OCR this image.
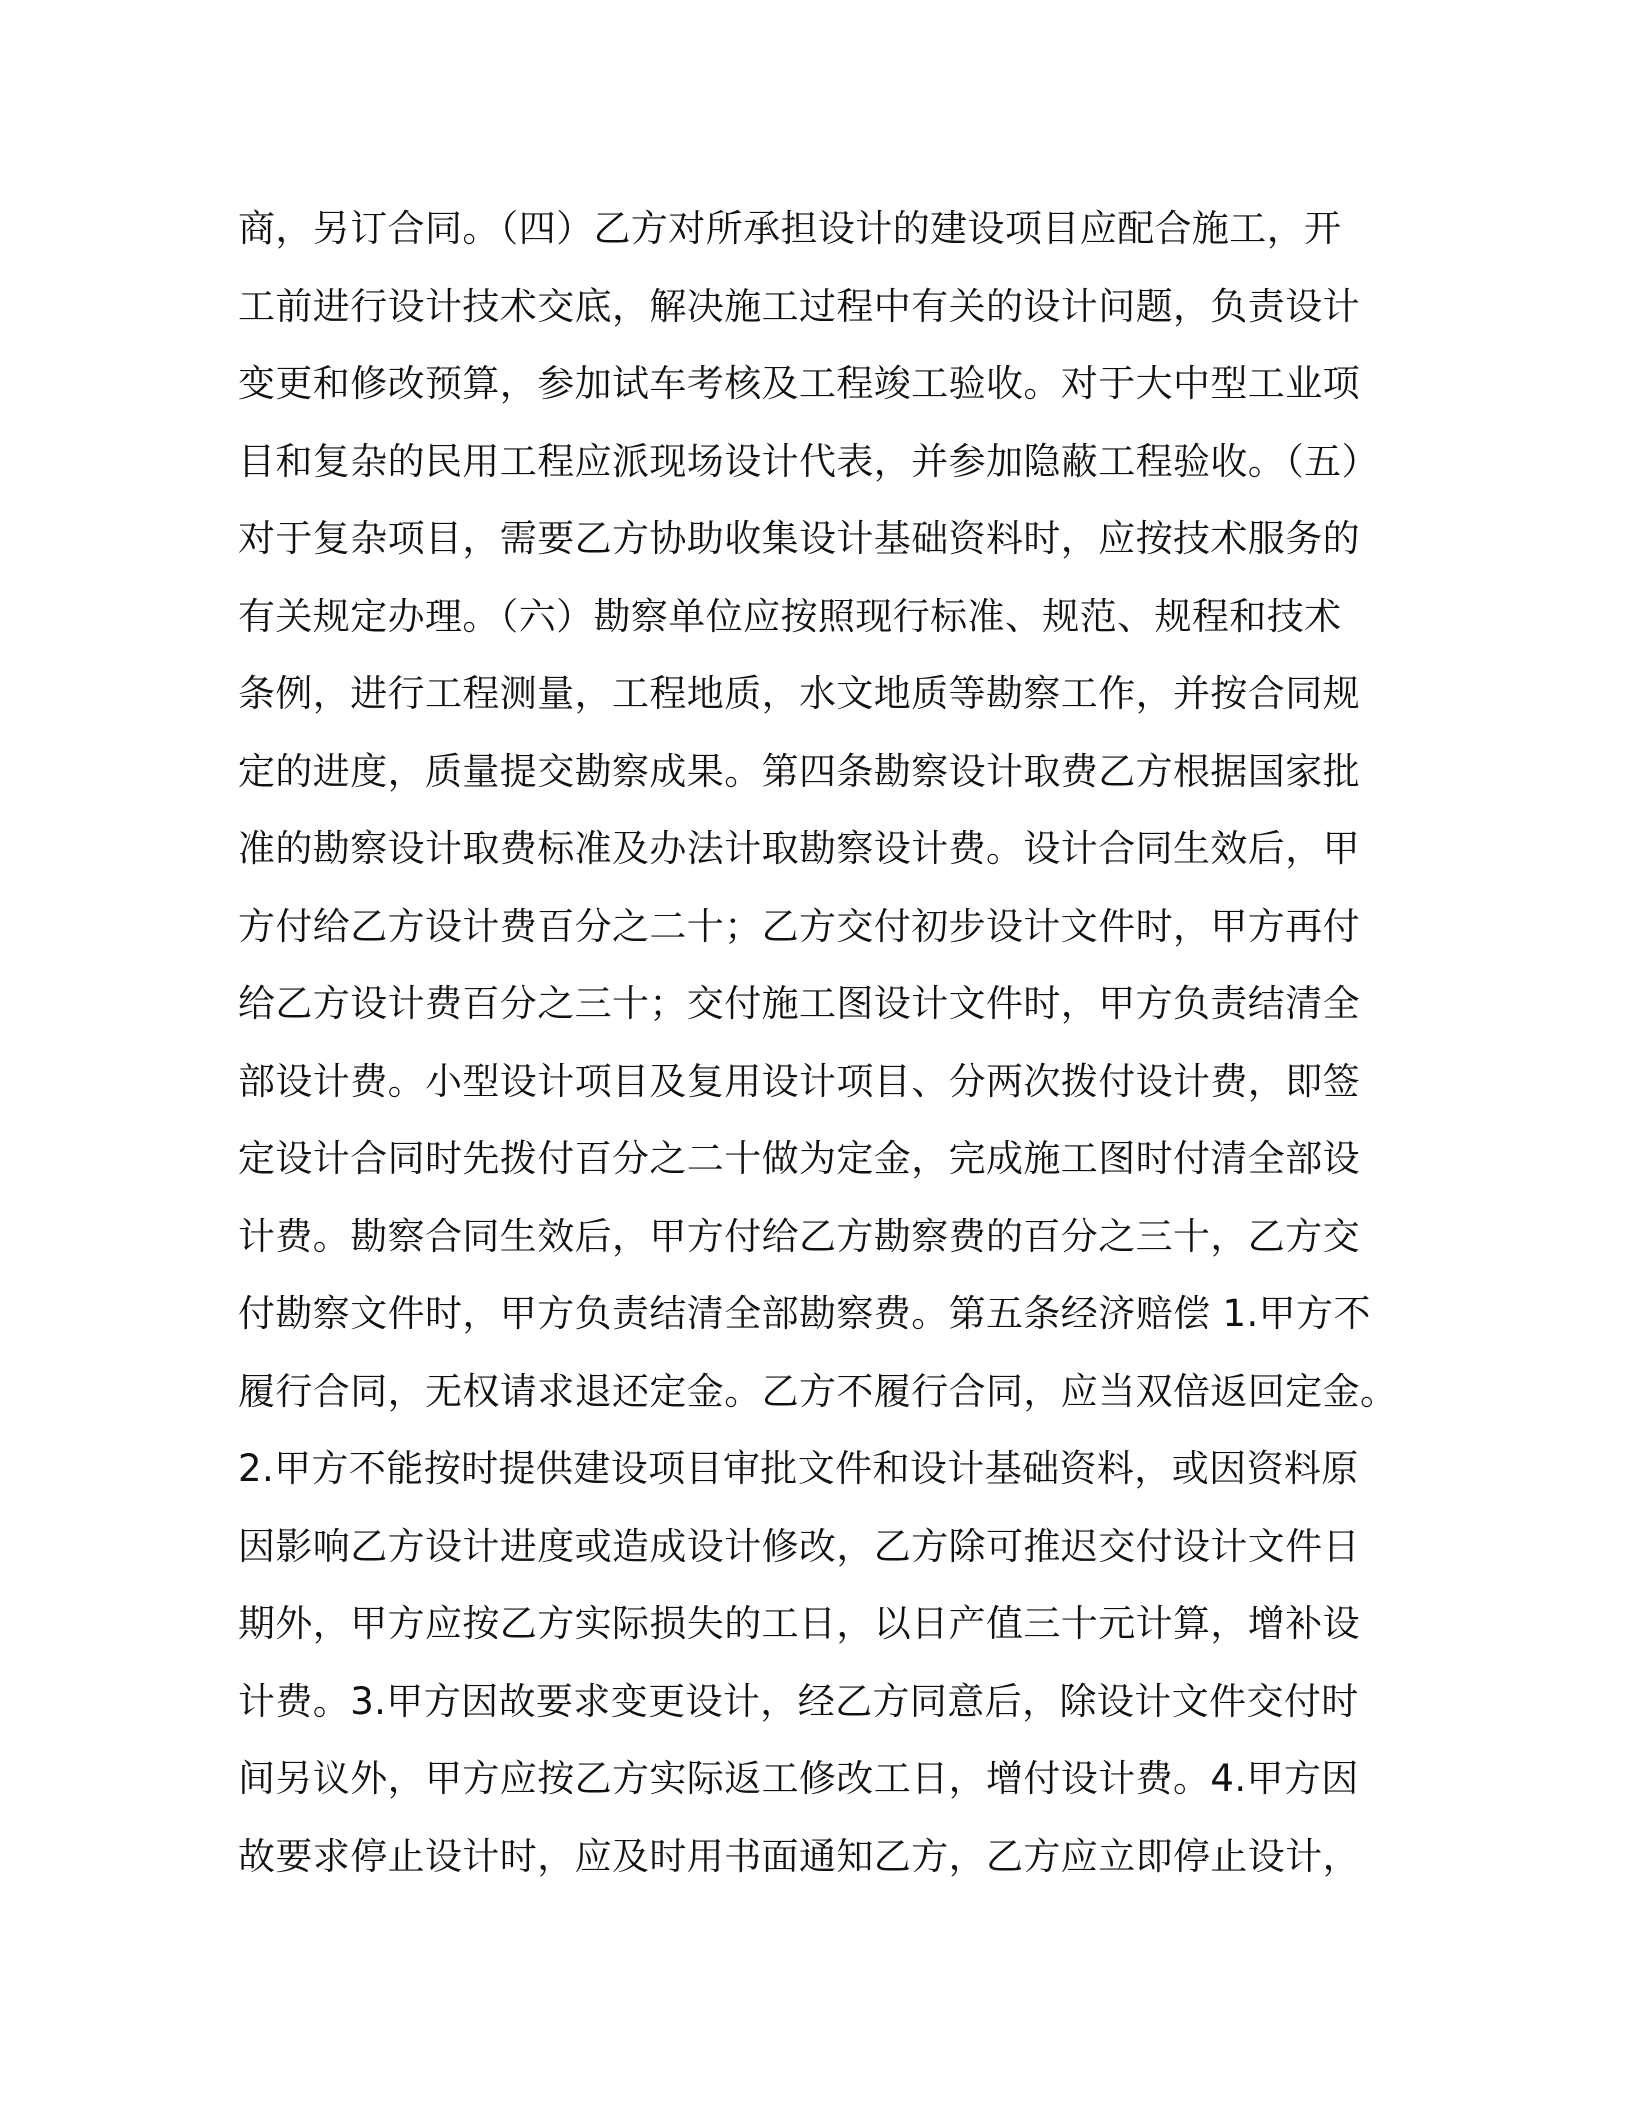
商，另订合同。（四）乙方对所承担设计的建设项目应配合施工，开
工前进行设计技术交底，解决施工过程中有关的设计问题，负责设计
变更和修改预算，参加试车考核及工程竣工验收。对于大中型工业项
目和复杂的民用工程应派现场设计代表，并参加隐蔽工程验收。（五）
对于复杂项目，需要乙方协助收集设计基础资料时，应按技术服务的
有关规定办理。（六）勘察单位应按照现行标准、规范、规程和技术
条例，进行工程测量，工程地质，水文地质等勘察工作，并按合同规
定的进度，质量提交勘察成果。第四条勘察设计取费乙方根据国家批
准的勘察设计取费标准及办法计取勘察设计费。设计合同生效后，甲
方付给乙方设计费百分之二十；乙方交付初步设计文件时，甲方再付
给乙方设计费百分之三十；交付施工图设计文件时，甲方负责结清全
部设计费。小型设计项目及复用设计项目、分两次拨付设计费，即签
定设计合同时先拨付百分之二十做为定金，完成施工图时付清全部设
计费。勘察合同生效后，甲方付给乙方勘察费的百分之三十，乙方交
付勘察文件时，甲方负责结清全部勘察费。第五条经济赔偿 1.甲方不
履行合同，无权请求退还定金。乙方不履行合同，应当双倍返回定金。
2.甲方不能按时提供建设项目审批文件和设计基础资料，或因资料原
因影响乙方设计进度或造成设计修改，乙方除可推迟交付设计文件日
期外，甲方应按乙方实际损失的工日，以日产值三十元计算，增补设
计费。3.甲方因故要求变更设计，经乙方同意后，除设计文件交付时
间另议外，甲方应按乙方实际返工修改工日，增付设计费。4.甲方因
故要求停止设计时，应及时用书面通知乙方，乙方应立即停止设计，
